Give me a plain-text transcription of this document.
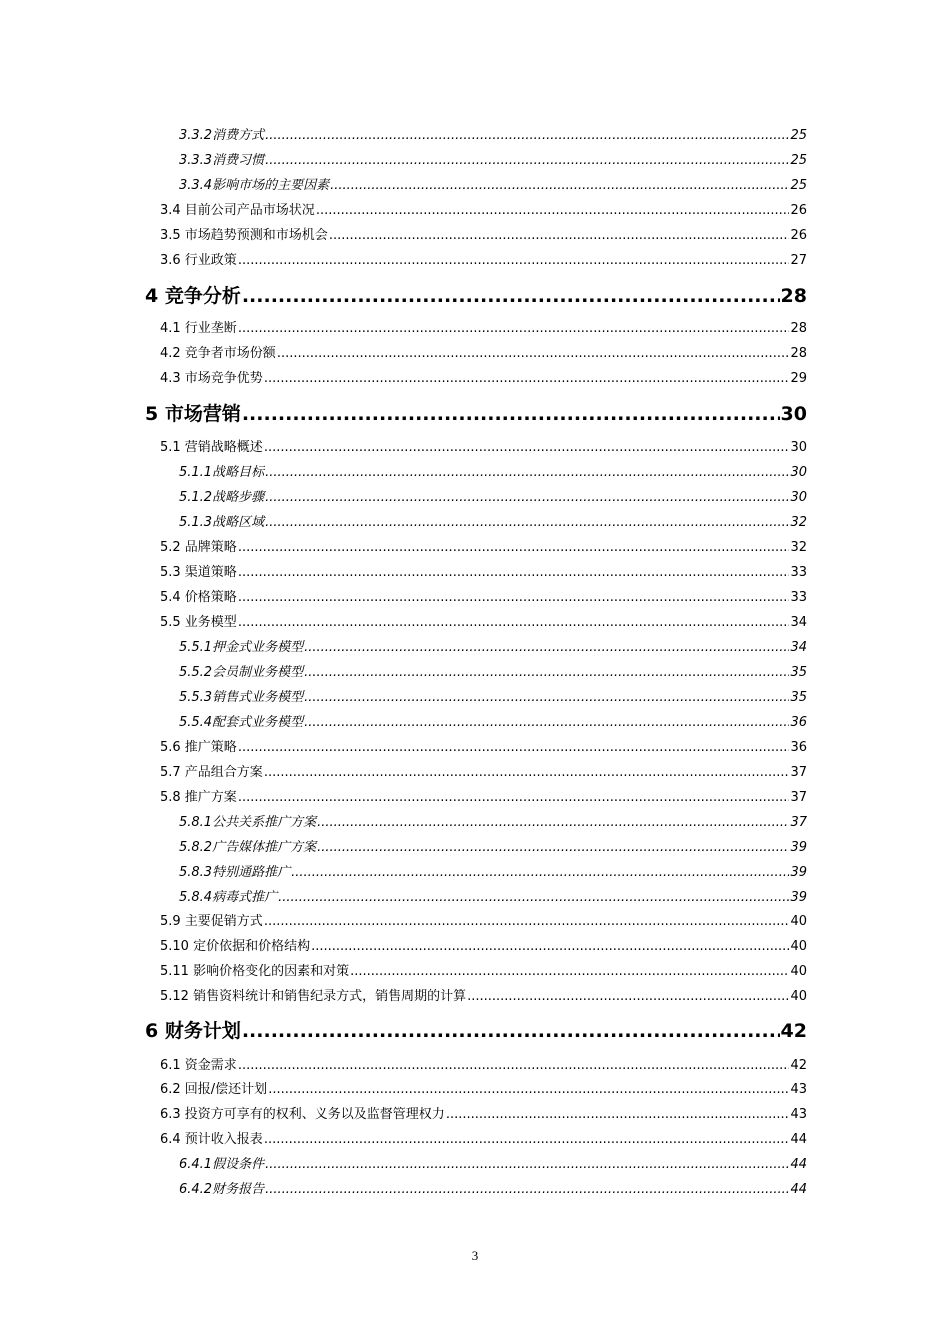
3.3.2消费方式 .....	25
3.3.3消费习惯 .....	25
3.3.4影响市场的主要因素 .....	25
3.4 目前公司产品市场状况 .....	26
3.5 市场趋势预测和市场机会 .....	26
3.6 行业政策 .....	27
4 竞争分析 .....	28
4.1 行业垄断 .....	28
4.2 竞争者市场份额 .....	28
4.3 市场竞争优势 .....	29
5 市场营销 .....	30
5.1 营销战略概述 .....	30
5.1.1战略目标 .....	30
5.1.2战略步骤 .....	30
5.1.3战略区域 .....	32
5.2 品牌策略 .....	32
5.3 渠道策略 .....	33
5.4 价格策略 .....	33
5.5 业务模型 .....	34
5.5.1押金式业务模型 .....	34
5.5.2会员制业务模型 .....	35
5.5.3销售式业务模型 .....	35
5.5.4配套式业务模型 .....	36
5.6 推广策略 .....	36
5.7 产品组合方案 .....	37
5.8 推广方案 .....	37
5.8.1公共关系推广方案 .....	37
5.8.2广告媒体推广方案 .....	39
5.8.3特别通路推广 .....	39
5.8.4病毒式推广 .....	39
5.9 主要促销方式 .....	40
5.10 定价依据和价格结构 .....	40
5.11 影响价格变化的因素和对策 .....	40
5.12 销售资料统计和销售纪录方式，销售周期的计算 .....	40
6 财务计划 .....	42
6.1 资金需求 .....	42
6.2 回报/偿还计划 .....	43
6.3 投资方可享有的权利、义务以及监督管理权力 .....	43
6.4 预计收入报表 .....	44
6.4.1假设条件 .....	44
6.4.2财务报告 .....	44
3
